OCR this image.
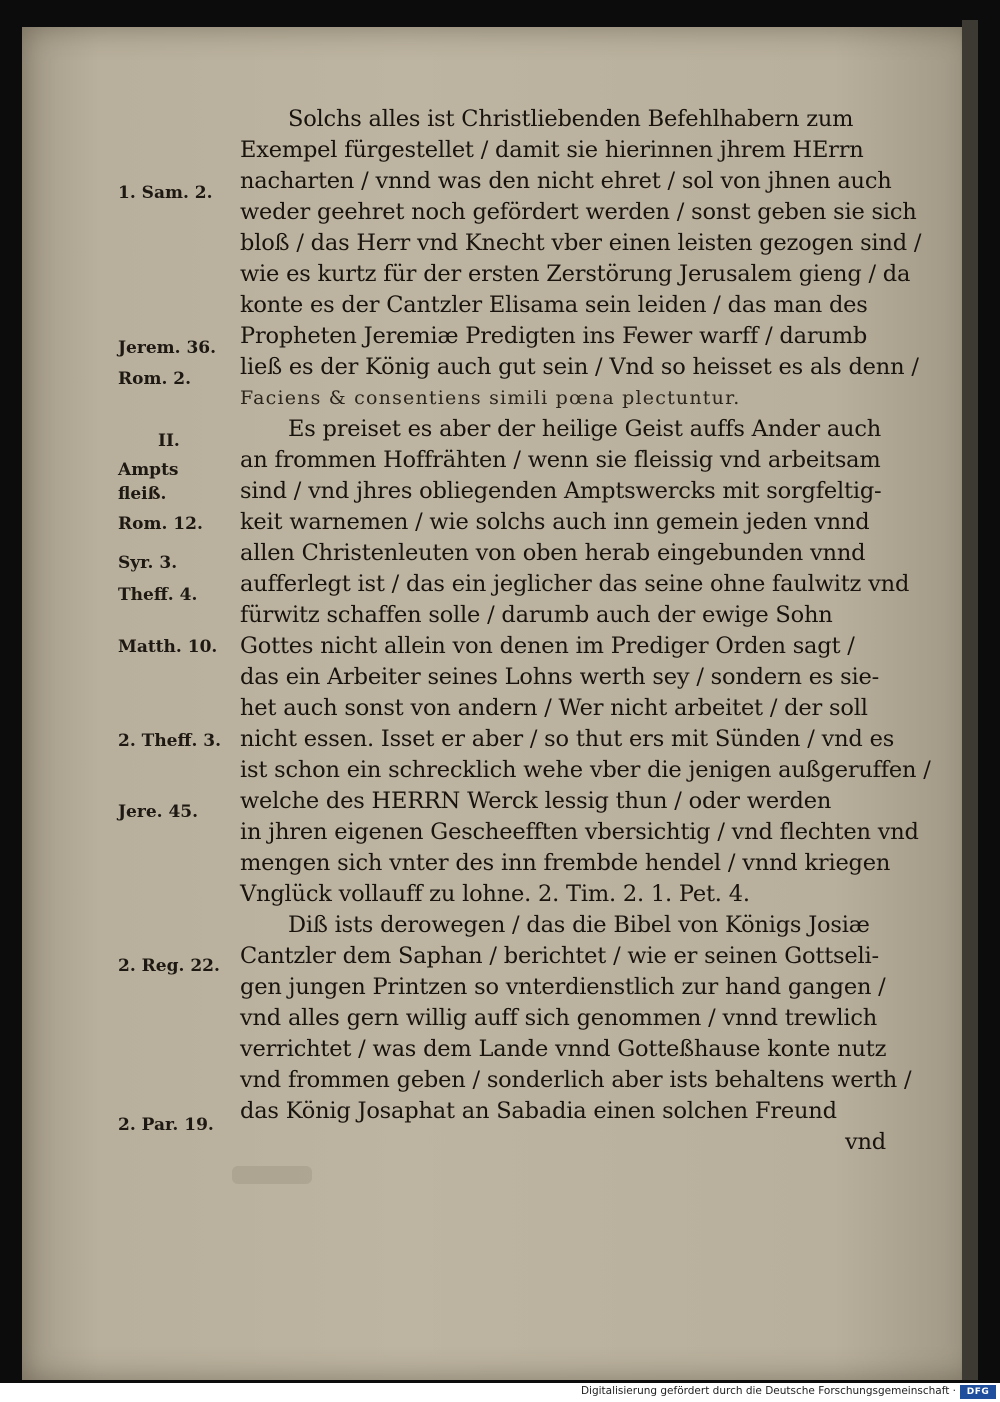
1. Sam. 2.
Jerem. 36.
Rom. 2.
II.
Ampts
fleiß.
Rom. 12.
Syr. 3.
Theff. 4.
Matth. 10.
2. Theff. 3.
Jere. 45.
2. Reg. 22.
2. Par. 19.
Solchs alles ist Christliebenden Befehlhabern zum
Exempel fürgestellet / damit sie hierinnen jhrem HErrn
nacharten / vnnd was den nicht ehret / sol von jhnen auch
weder geehret noch gefördert werden / sonst geben sie sich
bloß / das Herr vnd Knecht vber einen leisten gezogen sind /
wie es kurtz für der ersten Zerstörung Jerusalem gieng / da
konte es der Cantzler Elisama sein leiden / das man des
Propheten Jeremiæ Predigten ins Fewer warff / darumb
ließ es der König auch gut sein / Vnd so heisset es als denn /
Faciens & consentiens simili pœna plectuntur.
Es preiset es aber der heilige Geist auffs Ander auch
an frommen Hoffrähten / wenn sie fleissig vnd arbeitsam
sind / vnd jhres obliegenden Amptswercks mit sorgfeltig-
keit warnemen / wie solchs auch inn gemein jeden vnnd
allen Christenleuten von oben herab eingebunden vnnd
aufferlegt ist / das ein jeglicher das seine ohne faulwitz vnd
fürwitz schaffen solle / darumb auch der ewige Sohn
Gottes nicht allein von denen im Prediger Orden sagt /
das ein Arbeiter seines Lohns werth sey / sondern es sie-
het auch sonst von andern / Wer nicht arbeitet / der soll
nicht essen. Isset er aber / so thut ers mit Sünden / vnd es
ist schon ein schrecklich wehe vber die jenigen außgeruffen /
welche des HERRN Werck lessig thun / oder werden
in jhren eigenen Gescheefften vbersichtig / vnd flechten vnd
mengen sich vnter des inn frembde hendel / vnnd kriegen
Vnglück vollauff zu lohne. 2. Tim. 2. 1. Pet. 4.
Diß ists derowegen / das die Bibel von Königs Josiæ
Cantzler dem Saphan / berichtet / wie er seinen Gottseli-
gen jungen Printzen so vnterdienstlich zur hand gangen /
vnd alles gern willig auff sich genommen / vnnd trewlich
verrichtet / was dem Lande vnnd Gotteßhause konte nutz
vnd frommen geben / sonderlich aber ists behaltens werth /
das König Josaphat an Sabadia einen solchen Freund
vnd
Digitalisierung gefördert durch die Deutsche Forschungsgemeinschaft ·	DFG
